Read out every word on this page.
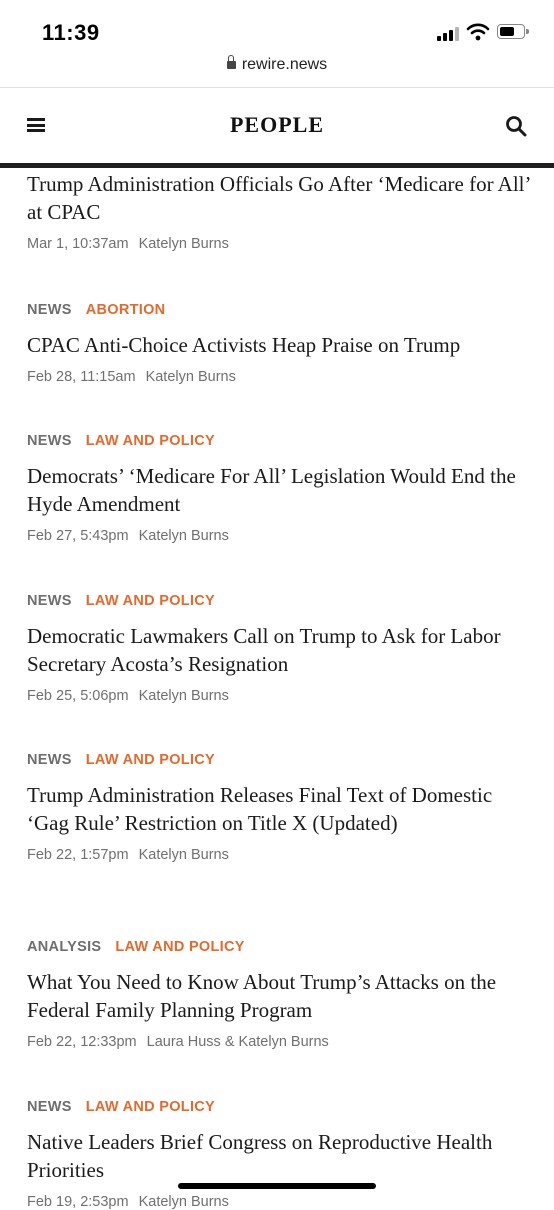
11:39
rewire.news
PEOPLE
Trump Administration Officials Go After ‘Medicare for All’ at CPAC
Mar 1, 10:37am Katelyn Burns
NEWS ABORTION
CPAC Anti-Choice Activists Heap Praise on Trump
Feb 28, 11:15am Katelyn Burns
NEWS LAW AND POLICY
Democrats’ ‘Medicare For All’ Legislation Would End the Hyde Amendment
Feb 27, 5:43pm Katelyn Burns
NEWS LAW AND POLICY
Democratic Lawmakers Call on Trump to Ask for Labor Secretary Acosta’s Resignation
Feb 25, 5:06pm Katelyn Burns
NEWS LAW AND POLICY
Trump Administration Releases Final Text of Domestic ‘Gag Rule’ Restriction on Title X (Updated)
Feb 22, 1:57pm Katelyn Burns
ANALYSIS LAW AND POLICY
What You Need to Know About Trump’s Attacks on the Federal Family Planning Program
Feb 22, 12:33pm Laura Huss & Katelyn Burns
NEWS LAW AND POLICY
Native Leaders Brief Congress on Reproductive Health Priorities
Feb 19, 2:53pm Katelyn Burns
